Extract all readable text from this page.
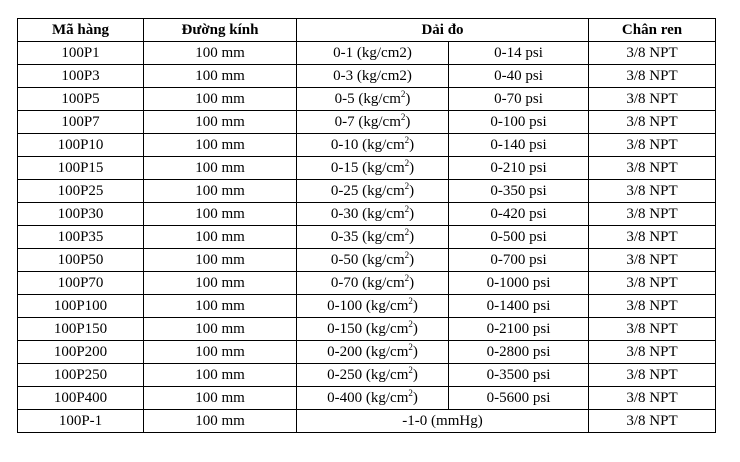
Mã hàng	Đường kính	Dải đo		Chân ren
100P1	100 mm	0-1 (kg/cm2)	0-14 psi	3/8 NPT
100P3	100 mm	0-3 (kg/cm2)	0-40 psi	3/8 NPT
100P5	100 mm	0-5 $(kg/cm^2)$	0-70 psi	3/8 NPT
100P7	100 mm	0-7 $(kg/cm^2)$	0-100 psi	3/8 NPT
100P10	100 mm	0-10 $(kg/cm^2)$	0-140 psi	3/8 NPT
100P15	100 mm	0-15 $(kg/cm^2)$	0-210 psi	3/8 NPT
100P25	100 mm	0-25 $(kg/cm^2)$	0-350 psi	3/8 NPT
100P30	100 mm	0-30 $(kg/cm^2)$	0-420 psi	3/8 NPT
100P35	100 mm	0-35 $(kg/cm^2)$	0-500 psi	3/8 NPT
100P50	100 mm	0-50 $(kg/cm^2)$	0-700 psi	3/8 NPT
100P70	100 mm	0-70 $(kg/cm^2)$	0-1000 psi	3/8 NPT
100P100	100 mm	0-100 $(kg/cm^2)$	0-1400 psi	3/8 NPT
100P150	100 mm	0-150 $(kg/cm^2)$	0-2100 psi	3/8 NPT
100P200	100 mm	0-200 $(kg/cm^2)$	0-2800 psi	3/8 NPT
100P250	100 mm	0-250 $(kg/cm^2)$	0-3500 psi	3/8 NPT
100P400	100 mm	0-400 $(kg/cm^2)$	0-5600 psi	3/8 NPT
100P-1	100 mm	-1-0 (mmHg)		3/8 NPT
